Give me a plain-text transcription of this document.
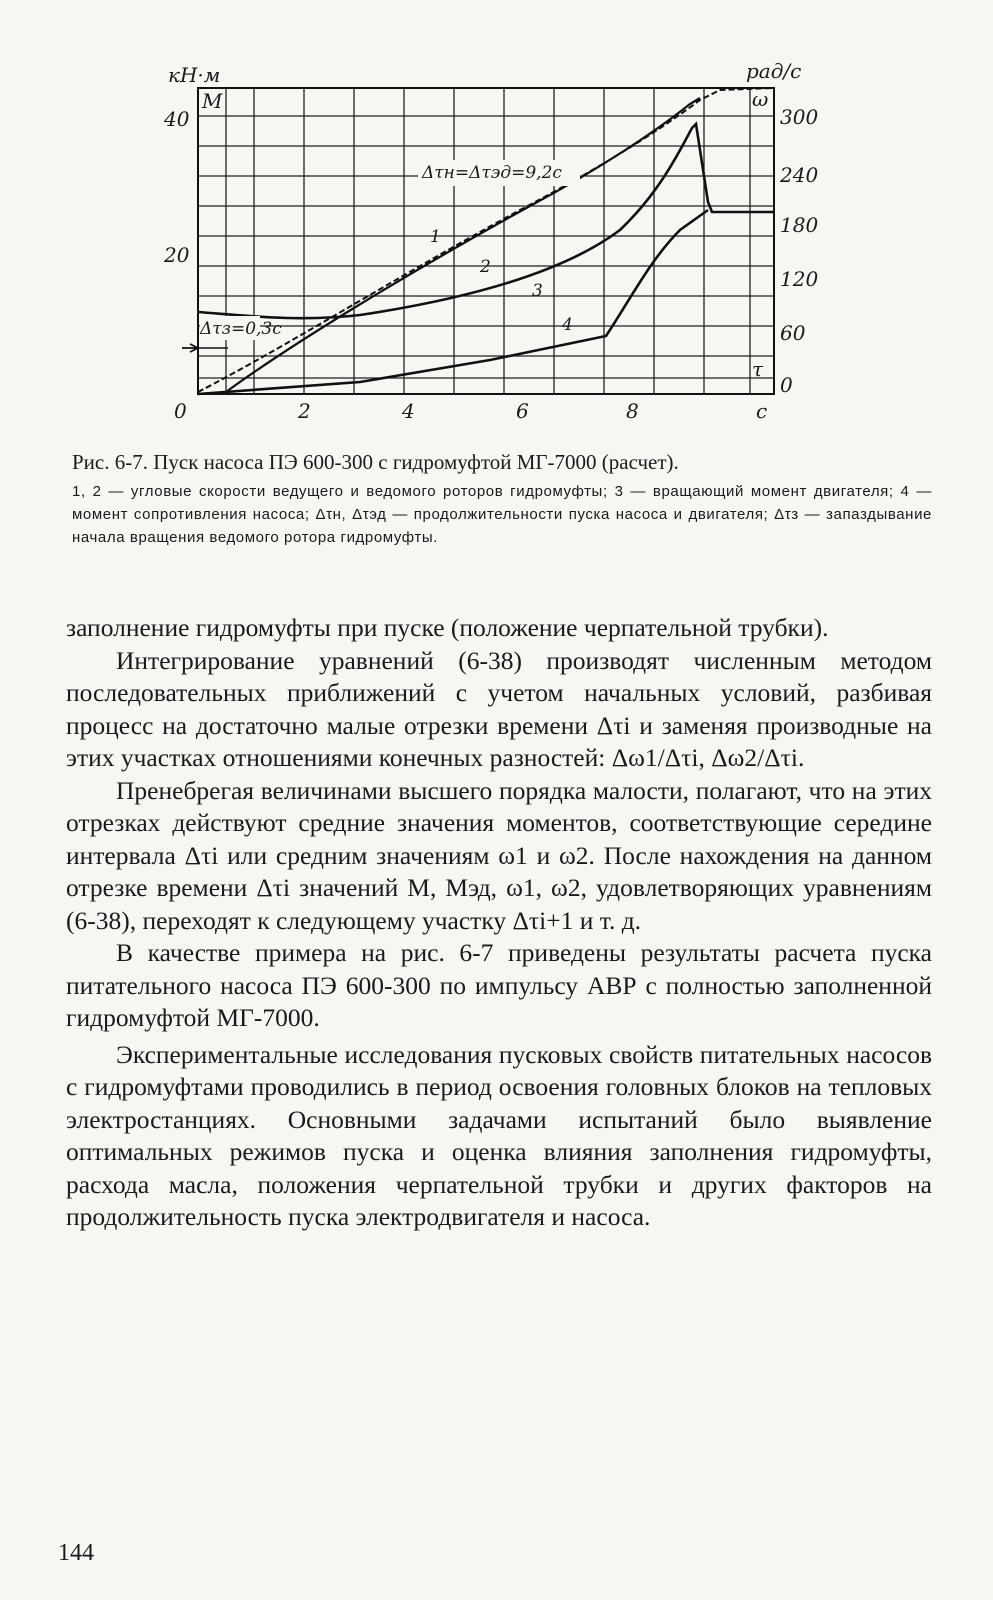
кН·м
М
40
20
рад/с
ω
300
240
180
120
60
0
τ
0	2	4	6	8	с
Δτн=Δτэд=9,2с
Δτз=0,3с
1
2
3
4

Рис. 6-7. Пуск насоса ПЭ 600-300 с гидромуфтой МГ-7000 (расчет).

1, 2 — угловые скорости ведущего и ведомого роторов гидромуфты; 3 — вращающий момент двигателя; 4 — момент сопротивления насоса; Δτн, Δτэд — продолжительности пуска насоса и двигателя; Δτз — запаздывание начала вращения ведомого ротора гидромуфты.

заполнение гидромуфты при пуске (положение черпательной трубки).

Интегрирование уравнений (6-38) производят численным методом последовательных приближений с учетом начальных условий, разбивая процесс на достаточно малые отрезки времени Δτi и заменяя производные на этих участках отношениями конечных разностей: Δω1/Δτi, Δω2/Δτi.

Пренебрегая величинами высшего порядка малости, полагают, что на этих отрезках действуют средние значения моментов, соответствующие середине интервала Δτi или средним значениям ω1 и ω2. После нахождения на данном отрезке времени Δτi значений М, Мэд, ω1, ω2, удовлетворяющих уравнениям (6-38), переходят к следующему участку Δτi+1 и т. д.

В качестве примера на рис. 6-7 приведены результаты расчета пуска питательного насоса ПЭ 600-300 по импульсу АВР с полностью заполненной гидромуфтой МГ-7000.

Экспериментальные исследования пусковых свойств питательных насосов с гидромуфтами проводились в период освоения головных блоков на тепловых электростанциях. Основными задачами испытаний было выявление оптимальных режимов пуска и оценка влияния заполнения гидромуфты, расхода масла, положения черпательной трубки и других факторов на продолжительность пуска электродвигателя и насоса.

144
